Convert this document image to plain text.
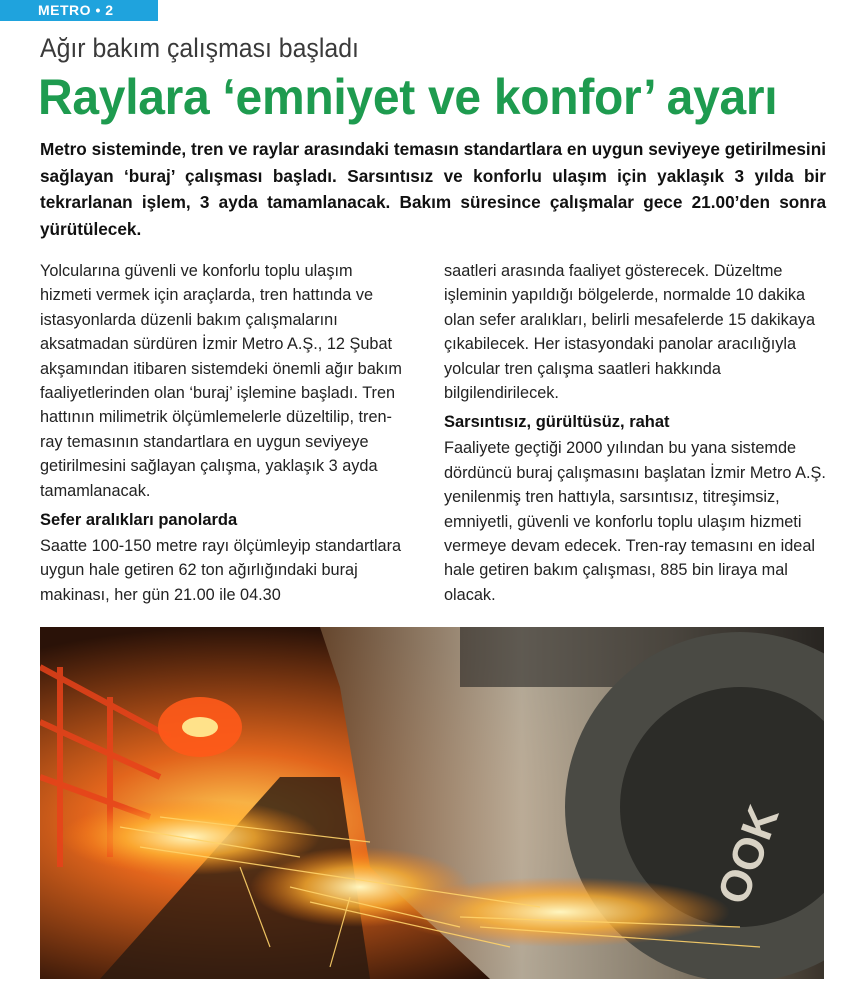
METRO • 2
Ağır bakım çalışması başladı
Raylara ‘emniyet ve konfor’ ayarı
Metro sisteminde, tren ve raylar arasındaki temasın standartlara en uygun seviyeye getirilmesini sağlayan ‘buraj’ çalışması başladı. Sarsıntısız ve konforlu ulaşım için yaklaşık 3 yılda bir tekrarlanan işlem, 3 ayda tamamlanacak. Bakım süresince çalışmalar gece 21.00’den sonra yürütülecek.

Yolcularına güvenli ve konforlu toplu ulaşım hizmeti vermek için araçlarda, tren hattında ve istasyonlarda düzenli bakım çalışmalarını aksatmadan sürdüren İzmir Metro A.Ş., 12 Şubat akşamından itibaren sistemdeki önemli ağır bakım faaliyetlerinden olan ‘buraj’ işlemine başladı. Tren hattının milimetrik ölçümlemelerle düzeltilip, tren-ray temasının standartlara en uygun seviyeye getirilmesini sağlayan çalışma, yaklaşık 3 ayda tamamlanacak.

Sefer aralıkları panolarda

Saatte 100-150 metre rayı ölçümleyip standartlara uygun hale getiren 62 ton ağırlığındaki buraj makinası, her gün 21.00 ile 04.30

saatleri arasında faaliyet gösterecek. Düzeltme işleminin yapıldığı bölgelerde, normalde 10 dakika olan sefer aralıkları, belirli mesafelerde 15 dakikaya çıkabilecek. Her istasyondaki panolar aracılığıyla yolcular tren çalışma saatleri hakkında bilgilendirilecek.

Sarsıntısız, gürültüsüz, rahat

Faaliyete geçtiği 2000 yılından bu yana sistemde dördüncü buraj çalışmasını başlatan İzmir Metro A.Ş. yenilenmiş tren hattıyla, sarsıntısız, titreşimsiz, emniyetli, güvenli ve konforlu toplu ulaşım hizmeti vermeye devam edecek. Tren-ray temasını en ideal hale getiren bakım çalışması, 885 bin liraya mal olacak.

OOK
